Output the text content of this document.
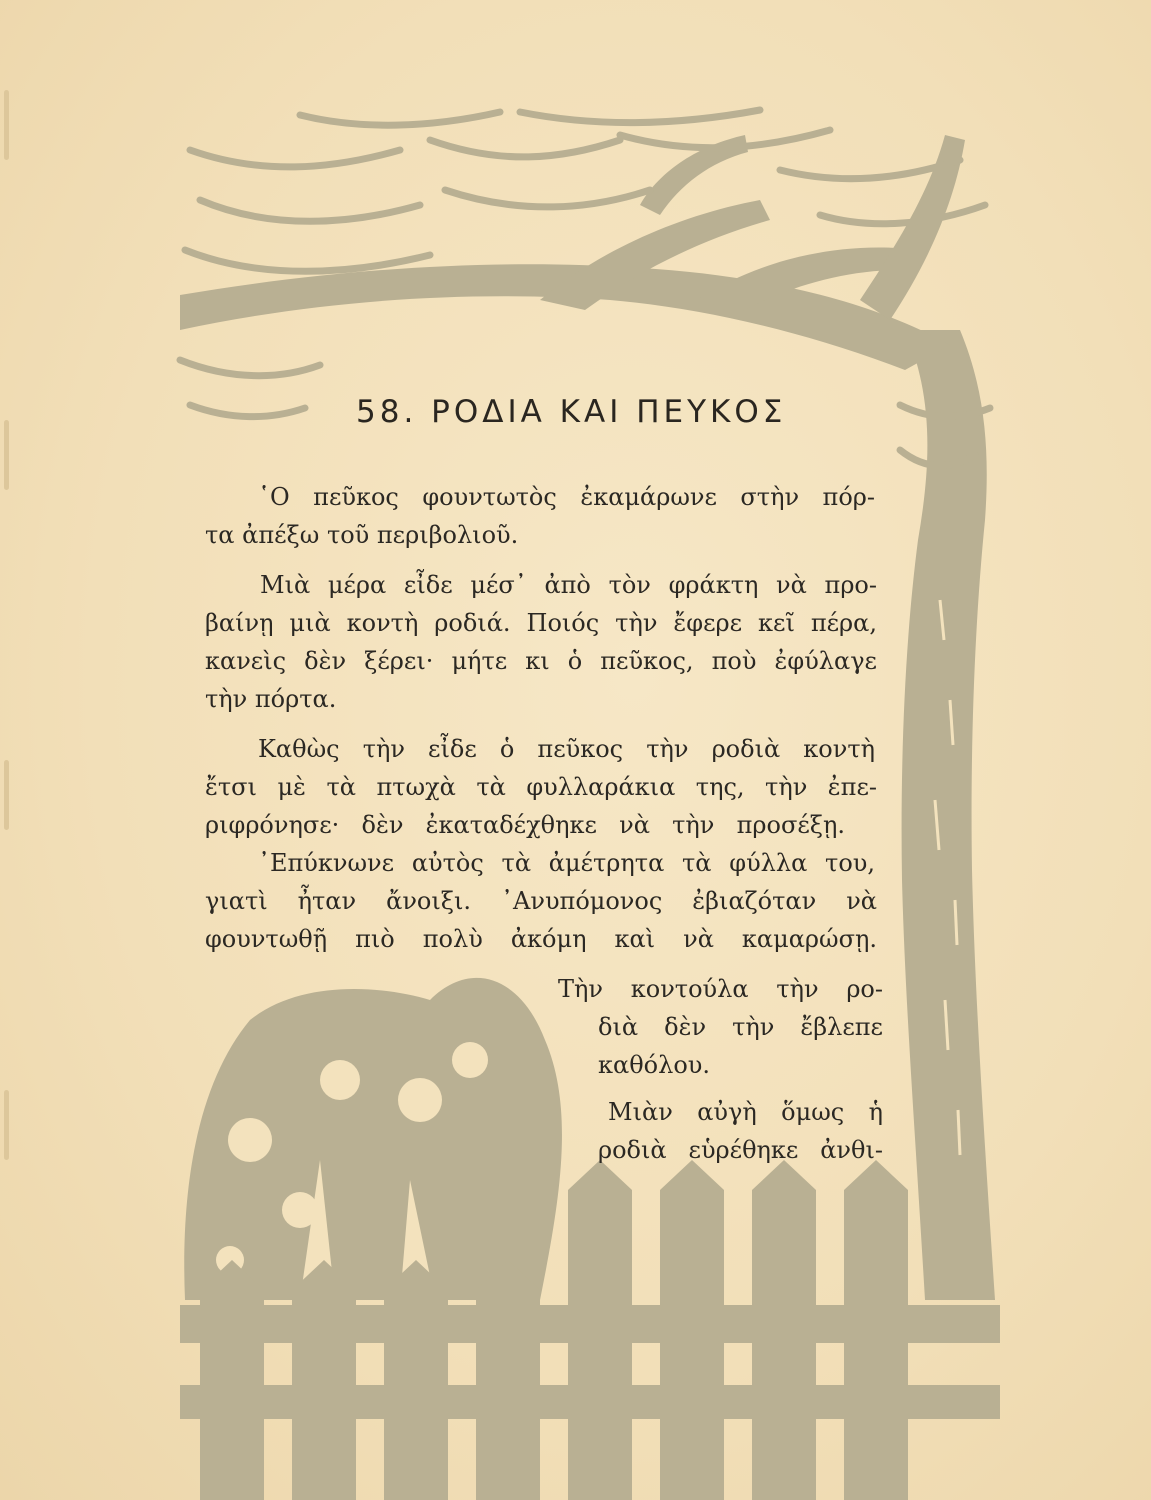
58. ΡΟΔΙΑ ΚΑΙ ΠΕΥΚΟΣ
῾Ο πεῦκος φουντωτὸς ἐκαμάρωνε στὴν πόρ-
τα ἀπέξω τοῦ περιβολιοῦ.
Μιὰ μέρα εἶδε μέσ᾿ ἀπὸ τὸν φράκτη νὰ προ-
βαίνῃ μιὰ κοντὴ ροδιά. Ποιός τὴν ἔφερε κεῖ πέρα,
κανεὶς δὲν ξέρει· μήτε κι ὁ πεῦκος, ποὺ ἐφύλαγε
τὴν πόρτα.
Καθὼς τὴν εἶδε ὁ πεῦκος τὴν ροδιὰ κοντὴ
ἔτσι μὲ τὰ πτωχὰ τὰ φυλλαράκια της, τὴν ἐπε-
ριφρόνησε· δὲν ἐκαταδέχθηκε νὰ τὴν προσέξῃ.
᾿Επύκνωνε αὐτὸς τὰ ἀμέτρητα τὰ φύλλα του,
γιατὶ ἦταν ἄνοιξι. ᾿Ανυπόμονος ἐβιαζόταν νὰ
φουντωθῇ πιὸ πολὺ ἀκόμη καὶ νὰ καμαρώσῃ.
Τὴν κοντούλα τὴν ρο-
διὰ δὲν τὴν ἔβλεπε
καθόλου.
Μιὰν αὐγὴ ὅμως ἡ
ροδιὰ εὑρέθηκε ἀνθι-
